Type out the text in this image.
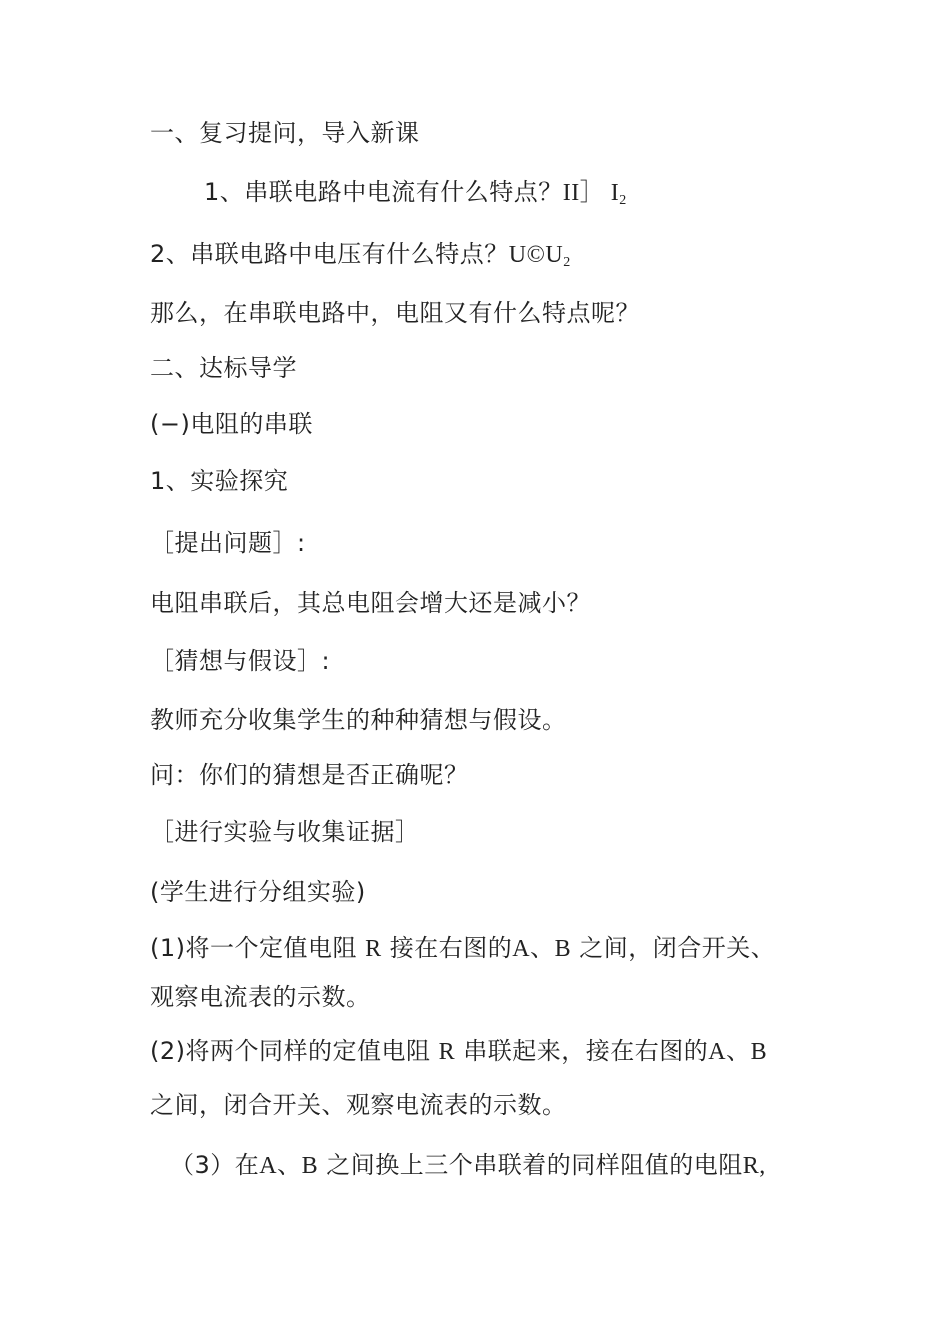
一、复习提问，导入新课
1、串联电路中电流有什么特点？II］ $I_2$
2、串联电路中电压有什么特点？$U©U_2$
那么，在串联电路中，电阻又有什么特点呢？
二、达标导学
(−)电阻的串联
1、实验探究
［提出问题］:
电阻串联后，其总电阻会增大还是减小？
［猜想与假设］:
教师充分收集学生的种种猜想与假设。
问：你们的猜想是否正确呢？
［进行实验与收集证据］
(学生进行分组实验)
(1)将一个定值电阻 R 接在右图的A、B 之间，闭合开关、
观察电流表的示数。
(2)将两个同样的定值电阻 R 串联起来，接在右图的A、B
之间，闭合开关、观察电流表的示数。
（3）在A、B 之间换上三个串联着的同样阻值的电阻R,
